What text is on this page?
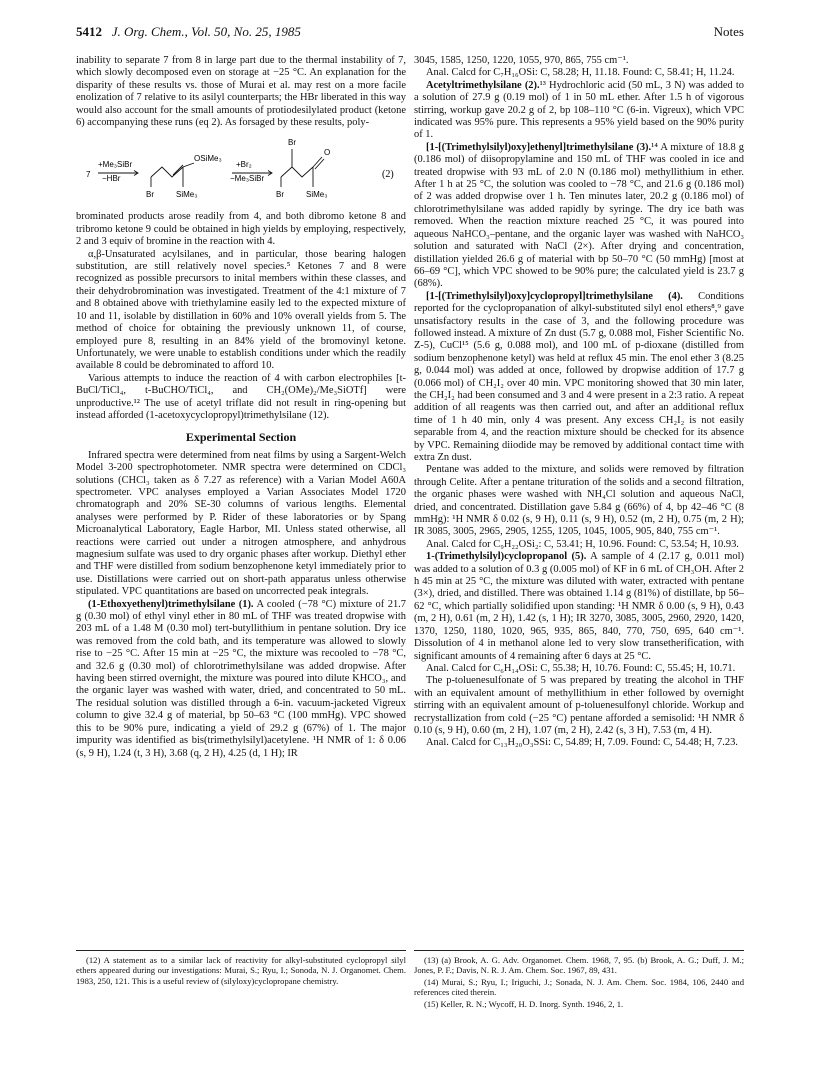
5412 J. Org. Chem., Vol. 50, No. 25, 1985	Notes

inability to separate 7 from 8 in large part due to the thermal instability of 7, which slowly decomposed even on storage at −25 °C. An explanation for the disparity of these results vs. those of Murai et al. may rest on a more facile enolization of 7 relative to its asilyl counterparts; the HBr liberated in this way would also account for the small amounts of protiodesilylated product (ketone 6) accompanying these runs (eq 2). As forsaged by these results, poly-

7
+Me₃SiBr
−HBr
OSiMe₃
Br	SiMe₃
+Br₂
−Me₃SiBr
Br
O
Br	SiMe₃
(2)

brominated products arose readily from 4, and both dibromo ketone 8 and tribromo ketone 9 could be obtained in high yields by employing, respectively, 2 and 3 equiv of bromine in the reaction with 4.

α,β-Unsaturated acylsilanes, and in particular, those bearing halogen substitution, are still relatively novel species.⁵ Ketones 7 and 8 were recognized as possible precursors to inital members within these classes, and their dehydrobromination was investigated. Treatment of the 4:1 mixture of 7 and 8 obtained above with triethylamine easily led to the expected mixture of 10 and 11, isolable by distillation in 60% and 10% overall yields from 5. The method of choice for obtaining the previously unknown 11, of course, employed pure 8, resulting in an 84% yield of the bromovinyl ketone. Unfortunately, we were unable to establish conditions under which the readily available 8 could be debrominated to afford 10.

Various attempts to induce the reaction of 4 with carbon electrophiles [t-BuCl/TiCl₄, t-BuCHO/TiCl₄, and CH₂(OMe)₂/Me₃SiOTf] were unproductive.¹² The use of acetyl triflate did not result in ring-opening but instead afforded (1-acetoxycyclopropyl)trimethylsilane (12).

Experimental Section

Infrared spectra were determined from neat films by using a Sargent-Welch Model 3-200 spectrophotometer. NMR spectra were determined on CDCl₃ solutions (CHCl₃ taken as δ 7.27 as reference) with a Varian Model A60A spectrometer. VPC analyses employed a Varian Associates Model 1720 chromatograph and 20% SE-30 columns of various lengths. Elemental analyses were performed by P. Rider of these laboratories or by Spang Microanalytical Laboratory, Eagle Harbor, MI. Unless stated otherwise, all reactions were carried out under a nitrogen atmosphere, and anhydrous magnesium sulfate was used to dry organic phases after workup. Diethyl ether and THF were distilled from sodium benzophenone ketyl immediately prior to use. Distillations were carried out on short-path apparatus unless otherwise stipulated. VPC quantitations are based on uncorrected peak integrals.

(1-Ethoxyethenyl)trimethylsilane (1). A cooled (−78 °C) mixture of 21.7 g (0.30 mol) of ethyl vinyl ether in 80 mL of THF was treated dropwise with 203 mL of a 1.48 M (0.30 mol) tert-butyllithium in pentane solution. Dry ice was removed from the cold bath, and its temperature was allowed to slowly rise to −25 °C. After 15 min at −25 °C, the mixture was recooled to −78 °C, and 32.6 g (0.30 mol) of chlorotrimethylsilane was added dropwise. After having been stirred overnight, the mixture was poured into dilute KHCO₃, and the organic layer was washed with water, dried, and concentrated to 50 mL. The residual solution was distilled through a 6-in. vacuum-jacketed Vigreux column to give 32.4 g of material, bp 50–63 °C (100 mmHg). VPC showed this to be 90% pure, indicating a yield of 29.2 g (67%) of 1. The major impurity was identified as bis(trimethylsilyl)acetylene. ¹H NMR of 1: δ 0.06 (s, 9 H), 1.24 (t, 3 H), 3.68 (q, 2 H), 4.25 (d, 1 H); IR

3045, 1585, 1250, 1220, 1055, 970, 865, 755 cm⁻¹.

Anal. Calcd for C₇H₁₆OSi: C, 58.28; H, 11.18. Found: C, 58.41; H, 11.24.

Acetyltrimethylsilane (2).¹³ Hydrochloric acid (50 mL, 3 N) was added to a solution of 27.9 g (0.19 mol) of 1 in 50 mL ether. After 1.5 h of vigorous stirring, workup gave 20.2 g of 2, bp 108–110 °C (6-in. Vigreux), which VPC indicated was 95% pure. This represents a 95% yield based on the 90% purity of 1.

[1-[(Trimethylsilyl)oxy]ethenyl]trimethylsilane (3).¹⁴ A mixture of 18.8 g (0.186 mol) of diisopropylamine and 150 mL of THF was cooled in ice and treated dropwise with 93 mL of 2.0 N (0.186 mol) methyllithium in ether. After 1 h at 25 °C, the solution was cooled to −78 °C, and 21.6 g (0.186 mol) of 2 was added dropwise over 1 h. Ten minutes later, 20.2 g (0.186 mol) of chlorotrimethylsilane was added rapidly by syringe. The dry ice bath was removed. When the reaction mixture reached 25 °C, it was poured into aqueous NaHCO₃–pentane, and the organic layer was washed with NaHCO₃ solution and saturated with NaCl (2×). After drying and concentration, distillation yielded 26.6 g of material with bp 50–70 °C (50 mmHg) [most at 66–69 °C], which VPC showed to be 90% pure; the calculated yield is 23.7 g (68%).

[1-[(Trimethylsilyl)oxy]cyclopropyl]trimethylsilane (4). Conditions reported for the cyclopropanation of alkyl-substituted silyl enol ethers⁸,⁹ gave unsatisfactory results in the case of 3, and the following procedure was followed instead. A mixture of Zn dust (5.7 g, 0.088 mol, Fisher Scientific No. Z-5), CuCl¹⁵ (5.6 g, 0.088 mol), and 100 mL of p-dioxane (distilled from sodium benzophenone ketyl) was held at reflux 45 min. The enol ether 3 (8.25 g, 0.044 mol) was added at once, followed by dropwise addition of 17.7 g (0.066 mol) of CH₂I₂ over 40 min. VPC monitoring showed that 30 min later, the CH₂I₂ had been consumed and 3 and 4 were present in a 2:3 ratio. A repeat addition of all reagents was then carried out, and after an additional reflux time of 1 h 40 min, only 4 was present. Any excess CH₂I₂ is not easily separable from 4, and the reaction mixture should be checked for its absence by VPC. Remaining diiodide may be removed by additional contact time with extra Zn dust.

Pentane was added to the mixture, and solids were removed by filtration through Celite. After a pentane trituration of the solids and a second filtration, the organic phases were washed with NH₄Cl solution and aqueous NaCl, dried, and concentrated. Distillation gave 5.84 g (66%) of 4, bp 42–46 °C (8 mmHg): ¹H NMR δ 0.02 (s, 9 H), 0.11 (s, 9 H), 0.52 (m, 2 H), 0.75 (m, 2 H); IR 3085, 3005, 2965, 2905, 1255, 1205, 1045, 1005, 905, 840, 755 cm⁻¹.

Anal. Calcd for C₉H₂₂OSi₂: C, 53.41; H, 10.96. Found: C, 53.54; H, 10.93.

1-(Trimethylsilyl)cyclopropanol (5). A sample of 4 (2.17 g, 0.011 mol) was added to a solution of 0.3 g (0.005 mol) of KF in 6 mL of CH₃OH. After 2 h 45 min at 25 °C, the mixture was diluted with water, extracted with pentane (3×), dried, and distilled. There was obtained 1.14 g (81%) of distillate, bp 56–62 °C, which partially solidified upon standing: ¹H NMR δ 0.00 (s, 9 H), 0.43 (m, 2 H), 0.61 (m, 2 H), 1.42 (s, 1 H); IR 3270, 3085, 3005, 2960, 2920, 1420, 1370, 1250, 1180, 1020, 965, 935, 865, 840, 770, 750, 695, 640 cm⁻¹. Dissolution of 4 in methanol alone led to very slow transetherification, with significant amounts of 4 remaining after 6 days at 25 °C.

Anal. Calcd for C₆H₁₄OSi: C, 55.38; H, 10.76. Found: C, 55.45; H, 10.71.

The p-toluenesulfonate of 5 was prepared by treating the alcohol in THF with an equivalent amount of methyllithium in ether followed by overnight stirring with an equivalent amount of p-toluenesulfonyl chloride. Workup and recrystallization from cold (−25 °C) pentane afforded a semisolid: ¹H NMR δ 0.10 (s, 9 H), 0.60 (m, 2 H), 1.07 (m, 2 H), 2.42 (s, 3 H), 7.53 (m, 4 H).

Anal. Calcd for C₁₃H₂₀O₃SSi: C, 54.89; H, 7.09. Found: C, 54.48; H, 7.23.

(12) A statement as to a similar lack of reactivity for alkyl-substituted cyclopropyl silyl ethers appeared during our investigations: Murai, S.; Ryu, I.; Sonoda, N. J. Organomet. Chem. 1983, 250, 121. This is a useful review of (silyloxy)cyclopropane chemistry.

(13) (a) Brook, A. G. Adv. Organomet. Chem. 1968, 7, 95. (b) Brook, A. G.; Duff, J. M.; Jones, P. F.; Davis, N. R. J. Am. Chem. Soc. 1967, 89, 431.

(14) Murai, S.; Ryu, I.; Iriguchi, J.; Sonada, N. J. Am. Chem. Soc. 1984, 106, 2440 and references cited therein.

(15) Keller, R. N.; Wycoff, H. D. Inorg. Synth. 1946, 2, 1.
